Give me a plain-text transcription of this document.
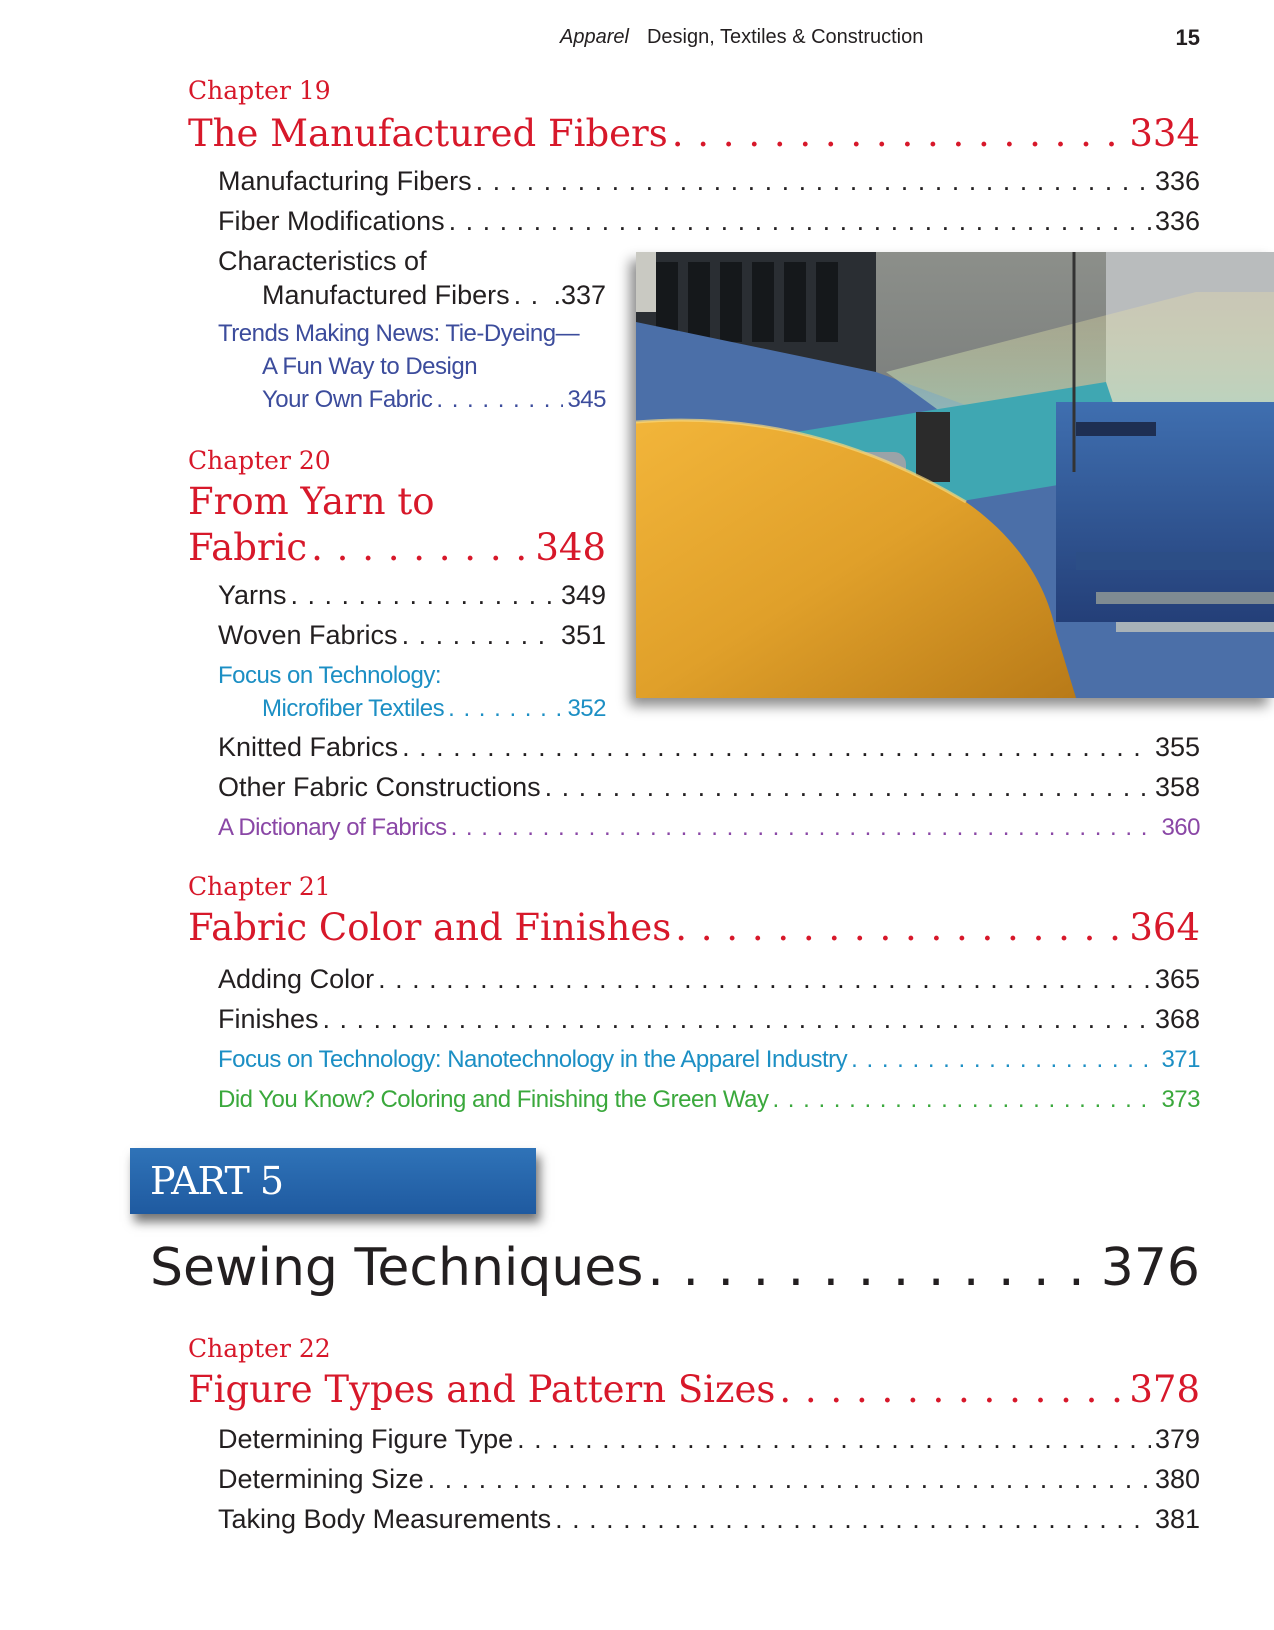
Apparel Design, Textiles & Construction	15
Chapter 19
The Manufactured Fibers . . .	334
Manufacturing Fibers . . .	336
Fiber Modifications . . .	336
Characteristics of
Manufactured Fibers . . . .337
Trends Making News: Tie-Dyeing—
A Fun Way to Design
Your Own Fabric . . .	345
Chapter 20
From Yarn to
Fabric . . .	348
Yarns . . .	349
Woven Fabrics . . .	351
Focus on Technology:
Microfiber Textiles . . .	352
Knitted Fabrics . . .	355
Other Fabric Constructions . . .	358
A Dictionary of Fabrics . . .	360
Chapter 21
Fabric Color and Finishes . . .	364
Adding Color . . .	365
Finishes . . .	368
Focus on Technology: Nanotechnology in the Apparel Industry . . .	371
Did You Know? Coloring and Finishing the Green Way . . .	373
PART 5
Sewing Techniques . . .	376
Chapter 22
Figure Types and Pattern Sizes . . .	378
Determining Figure Type . . .	379
Determining Size . . .	380
Taking Body Measurements . . .	381
